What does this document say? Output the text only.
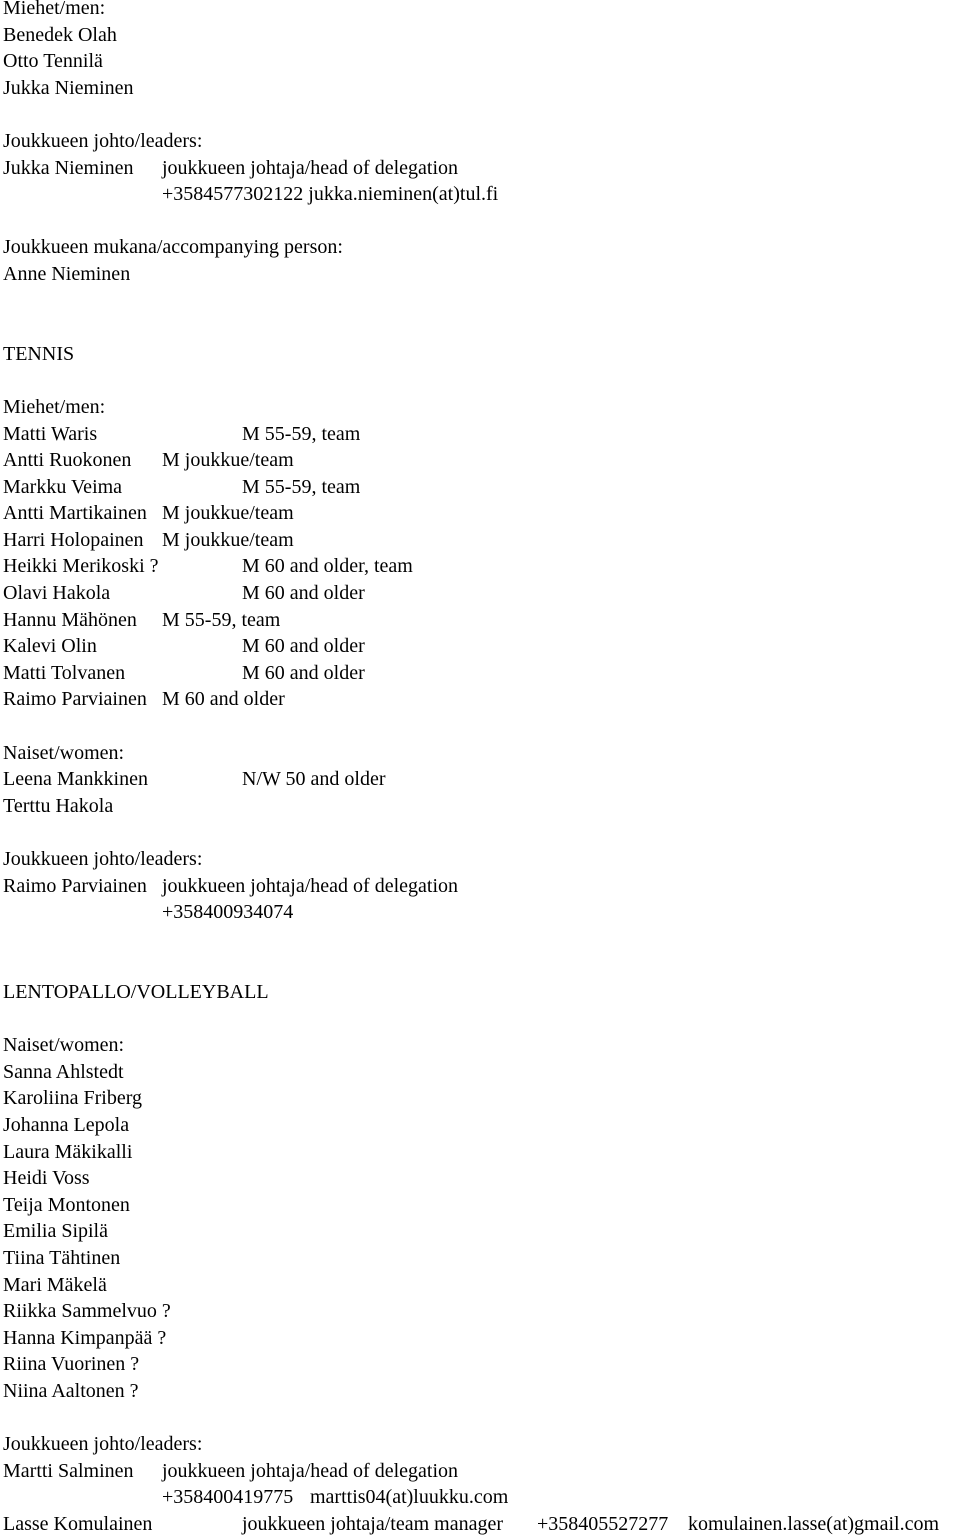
Miehet/men:
Benedek Olah
Otto Tennilä
Jukka Nieminen
Joukkueen johto/leaders:
Jukka Nieminen joukkueen johtaja/head of delegation
+3584577302122 jukka.nieminen(at)tul.fi
Joukkueen mukana/accompanying person:
Anne Nieminen
TENNIS
Miehet/men:
Matti Waris	M 55-59, team
Antti Ruokonen M joukkue/team
Markku Veima	M 55-59, team
Antti Martikainen M joukkue/team
Harri Holopainen M joukkue/team
Heikki Merikoski ?	M 60 and older, team
Olavi Hakola	M 60 and older
Hannu Mähönen M 55-59, team
Kalevi Olin	M 60 and older
Matti Tolvanen	M 60 and older
Raimo Parviainen M 60 and older
Naiset/women:
Leena Mankkinen	N/W 50 and older
Terttu Hakola
Joukkueen johto/leaders:
Raimo Parviainen joukkueen johtaja/head of delegation
+358400934074
LENTOPALLO/VOLLEYBALL
Naiset/women:
Sanna Ahlstedt
Karoliina Friberg
Johanna Lepola
Laura Mäkikalli
Heidi Voss
Teija Montonen
Emilia Sipilä
Tiina Tähtinen
Mari Mäkelä
Riikka Sammelvuo ?
Hanna Kimpanpää ?
Riina Vuorinen ?
Niina Aaltonen ?
Joukkueen johto/leaders:
Martti Salminen joukkueen johtaja/head of delegation
+358400419775 marttis04(at)luukku.com
Lasse Komulainen	joukkueen johtaja/team manager +358405527277 komulainen.lasse(at)gmail.com
